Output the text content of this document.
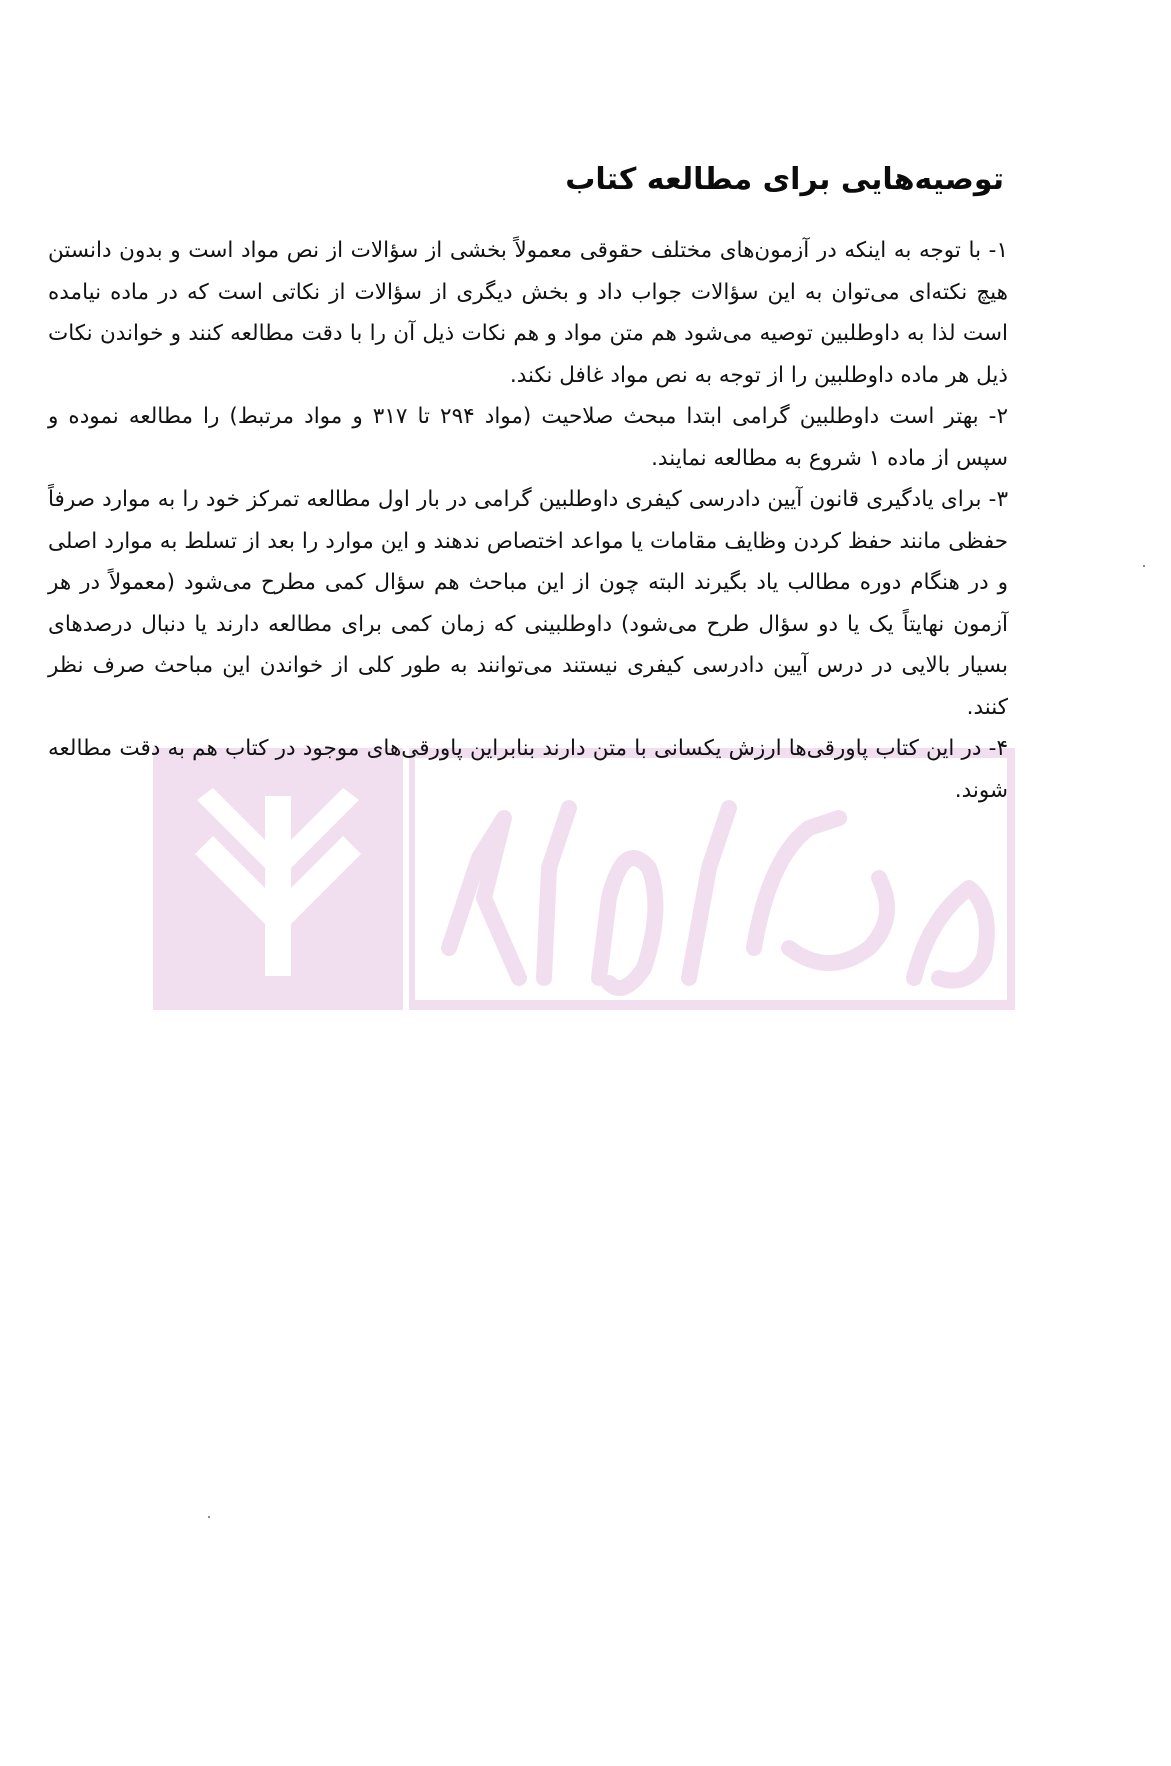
توصیه‌هایی برای مطالعه کتاب

۱- با توجه به اینکه در آزمون‌های مختلف حقوقی معمولاً بخشی از سؤالات از نص مواد است و بدون دانستن هیچ نکته‌ای می‌توان به این سؤالات جواب داد و بخش دیگری از سؤالات از نکاتی است که در ماده نیامده است لذا به داوطلبین توصیه می‌شود هم متن مواد و هم نکات ذیل آن را با دقت مطالعه کنند و خواندن نکات ذیل هر ماده داوطلبین را از توجه به نص مواد غافل نکند.

۲- بهتر است داوطلبین گرامی ابتدا مبحث صلاحیت (مواد ۲۹۴ تا ۳۱۷ و مواد مرتبط) را مطالعه نموده و سپس از ماده ۱ شروع به مطالعه نمایند.

۳- برای یادگیری قانون آیین دادرسی کیفری داوطلبین گرامی در بار اول مطالعه تمرکز خود را به موارد صرفاً حفظی مانند حفظ کردن وظایف مقامات یا مواعد اختصاص ندهند و این موارد را بعد از تسلط به موارد اصلی و در هنگام دوره مطالب یاد بگیرند البته چون از این مباحث هم سؤال کمی مطرح می‌شود (معمولاً در هر آزمون نهایتاً یک یا دو سؤال طرح می‌شود) داوطلبینی که زمان کمی برای مطالعه دارند یا دنبال درصدهای بسیار بالایی در درس آیین دادرسی کیفری نیستند می‌توانند به طور کلی از خواندن این مباحث صرف نظر کنند.

۴- در این کتاب پاورقی‌ها ارزش یکسانی با متن دارند بنابراین پاورقی‌های موجود در کتاب هم به دقت مطالعه شوند.
